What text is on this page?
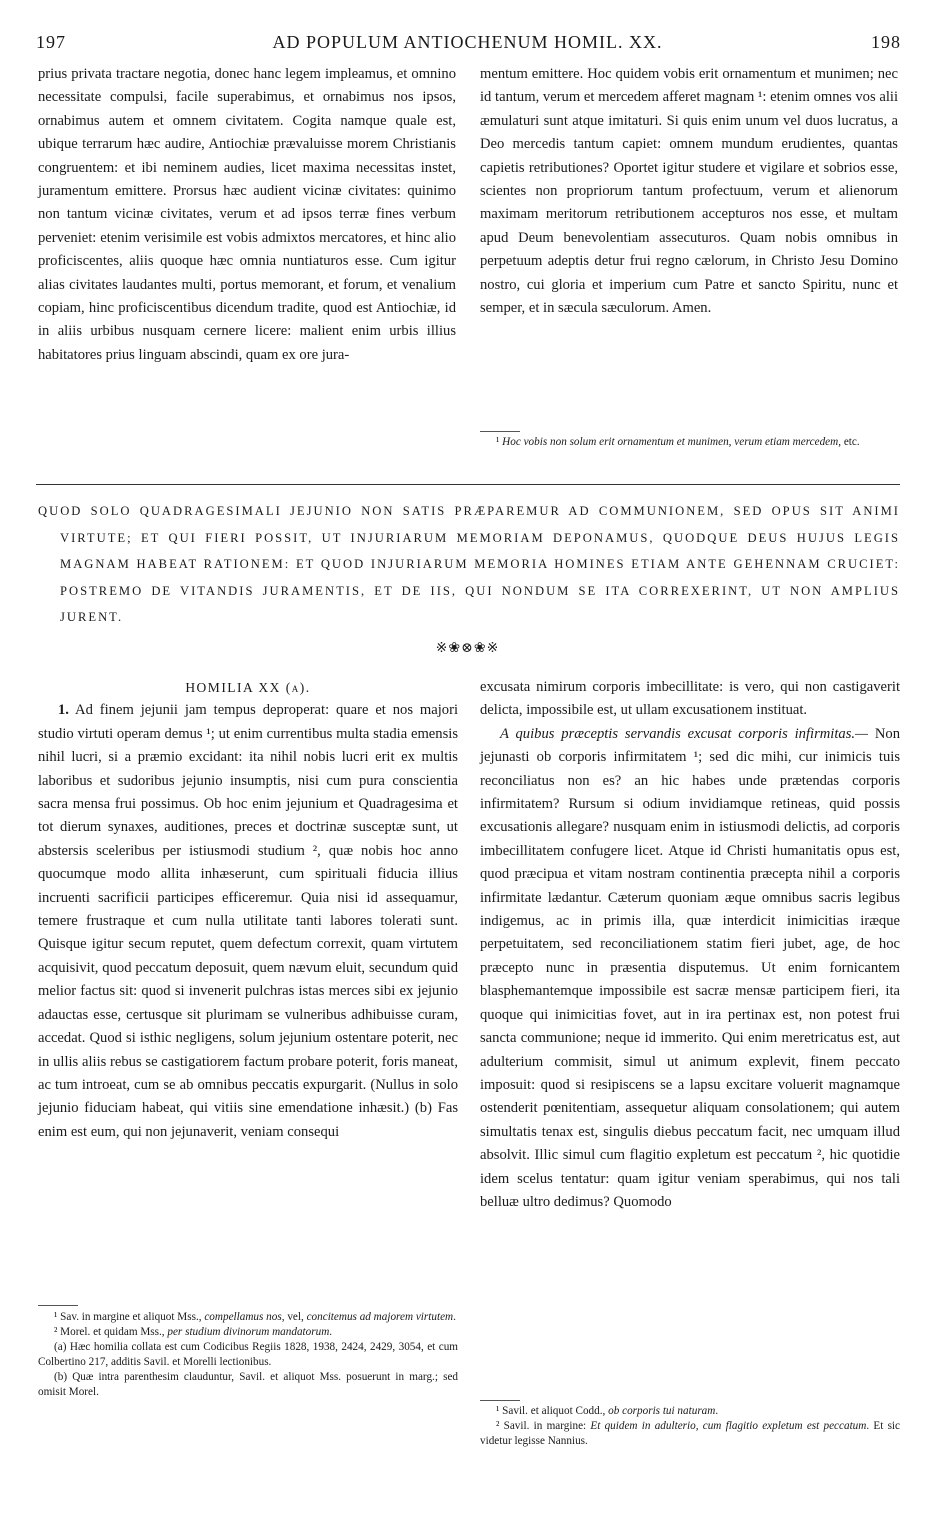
197	AD POPULUM ANTIOCHENUM HOMIL. XX.	198

prius privata tractare negotia, donec hanc legem impleamus, et omnino necessitate compulsi, facile superabimus, et ornabimus nos ipsos, ornabimus autem et omnem civitatem. Cogita namque quale est, ubique terrarum hæc audire, Antiochiæ prævaluisse morem Christianis congruentem: et ibi neminem audies, licet maxima necessitas instet, juramentum emittere. Prorsus hæc audient vicinæ civitates: quinimo non tantum vicinæ civitates, verum et ad ipsos terræ fines verbum perveniet: etenim verisimile est vobis admixtos mercatores, et hinc alio proficiscentes, aliis quoque hæc omnia nuntiaturos esse. Cum igitur alias civitates laudantes multi, portus memorant, et forum, et venalium copiam, hinc proficiscentibus dicendum tradite, quod est Antiochiæ, id in aliis urbibus nusquam cernere licere: malient enim urbis illius habitatores prius linguam abscindi, quam ex ore jura-

mentum emittere. Hoc quidem vobis erit ornamentum et munimen; nec id tantum, verum et mercedem afferet magnam ¹: etenim omnes vos alii æmulaturi sunt atque imitaturi. Si quis enim unum vel duos lucratus, a Deo mercedis tantum capiet: omnem mundum erudientes, quantas capietis retributiones? Oportet igitur studere et vigilare et sobrios esse, scientes non propriorum tantum profectuum, verum et alienorum maximam meritorum retributionem accepturos nos esse, et multam apud Deum benevolentiam assecuturos. Quam nobis omnibus in perpetuum adeptis detur frui regno cælorum, in Christo Jesu Domino nostro, cui gloria et imperium cum Patre et sancto Spiritu, nunc et semper, et in sæcula sæculorum. Amen.

¹ Hoc vobis non solum erit ornamentum et munimen, verum etiam mercedem, etc.

QUOD SOLO QUADRAGESIMALI JEJUNIO NON SATIS PRÆPAREMUR AD COMMUNIONEM, SED OPUS SIT ANIMI VIRTUTE; ET QUI FIERI POSSIT, UT INJURIARUM MEMORIAM DEPONAMUS, QUODQUE DEUS HUJUS LEGIS MAGNAM HABEAT RATIONEM: ET QUOD INJURIARUM MEMORIA HOMINES ETIAM ANTE GEHENNAM CRUCIET: POSTREMO DE VITANDIS JURAMENTIS, ET DE IIS, QUI NONDUM SE ITA CORREXERINT, UT NON AMPLIUS JURENT.

※❀⊗❀※
HOMILIA XX (a).

1. Ad finem jejunii jam tempus deproperat: quare et nos majori studio virtuti operam demus ¹; ut enim currentibus multa stadia emensis nihil lucri, si a præmio excidant: ita nihil nobis lucri erit ex multis laboribus et sudoribus jejunio insumptis, nisi cum pura conscientia sacra mensa frui possimus. Ob hoc enim jejunium et Quadragesima et tot dierum synaxes, auditiones, preces et doctrinæ susceptæ sunt, ut abstersis sceleribus per istiusmodi studium ², quæ nobis hoc anno quocumque modo allita inhæserunt, cum spirituali fiducia illius incruenti sacrificii participes efficeremur. Quia nisi id assequamur, temere frustraque et cum nulla utilitate tanti labores tolerati sunt. Quisque igitur secum reputet, quem defectum correxit, quam virtutem acquisivit, quod peccatum deposuit, quem nævum eluit, secundum quid melior factus sit: quod si invenerit pulchras istas merces sibi ex jejunio adauctas esse, certusque sit plurimam se vulneribus adhibuisse curam, accedat. Quod si isthic negligens, solum jejunium ostentare poterit, nec in ullis aliis rebus se castigatiorem factum probare poterit, foris maneat, ac tum introeat, cum se ab omnibus peccatis expurgarit. (Nullus in solo jejunio fiduciam habeat, qui vitiis sine emendatione inhæsit.) (b) Fas enim est eum, qui non jejunaverit, veniam consequi

excusata nimirum corporis imbecillitate: is vero, qui non castigaverit delicta, impossibile est, ut ullam excusationem instituat.

A quibus præceptis servandis excusat corporis infirmitas.— Non jejunasti ob corporis infirmitatem ¹; sed dic mihi, cur inimicis tuis reconciliatus non es? an hic habes unde prætendas corporis infirmitatem? Rursum si odium invidiamque retineas, quid possis excusationis allegare? nusquam enim in istiusmodi delictis, ad corporis imbecillitatem confugere licet. Atque id Christi humanitatis opus est, quod præcipua et vitam nostram continentia præcepta nihil a corporis infirmitate lædantur. Cæterum quoniam æque omnibus sacris legibus indigemus, ac in primis illa, quæ interdicit inimicitias iræque perpetuitatem, sed reconciliationem statim fieri jubet, age, de hoc præcepto nunc in præsentia disputemus. Ut enim fornicantem blasphemantemque impossibile est sacræ mensæ participem fieri, ita quoque qui inimicitias fovet, aut in ira pertinax est, non potest frui sancta communione; neque id immerito. Qui enim meretricatus est, aut adulterium commisit, simul ut animum explevit, finem peccato imposuit: quod si resipiscens se a lapsu excitare voluerit magnamque ostenderit pœnitentiam, assequetur aliquam consolationem; qui autem simultatis tenax est, singulis diebus peccatum facit, nec umquam illud absolvit. Illic simul cum flagitio expletum est peccatum ², hic quotidie idem scelus tentatur: quam igitur veniam sperabimus, qui nos tali belluæ ultro dedimus? Quomodo

¹ Sav. in margine et aliquot Mss., compellamus nos, vel, concitemus ad majorem virtutem.

² Morel. et quidam Mss., per studium divinorum mandatorum.

(a) Hæc homilia collata est cum Codicibus Regiis 1828, 1938, 2424, 2429, 3054, et cum Colbertino 217, additis Savil. et Morelli lectionibus.

(b) Quæ intra parenthesim clauduntur, Savil. et aliquot Mss. posuerunt in marg.; sed omisit Morel.

¹ Savil. et aliquot Codd., ob corporis tui naturam.

² Savil. in margine: Et quidem in adulterio, cum flagitio expletum est peccatum. Et sic videtur legisse Nannius.
